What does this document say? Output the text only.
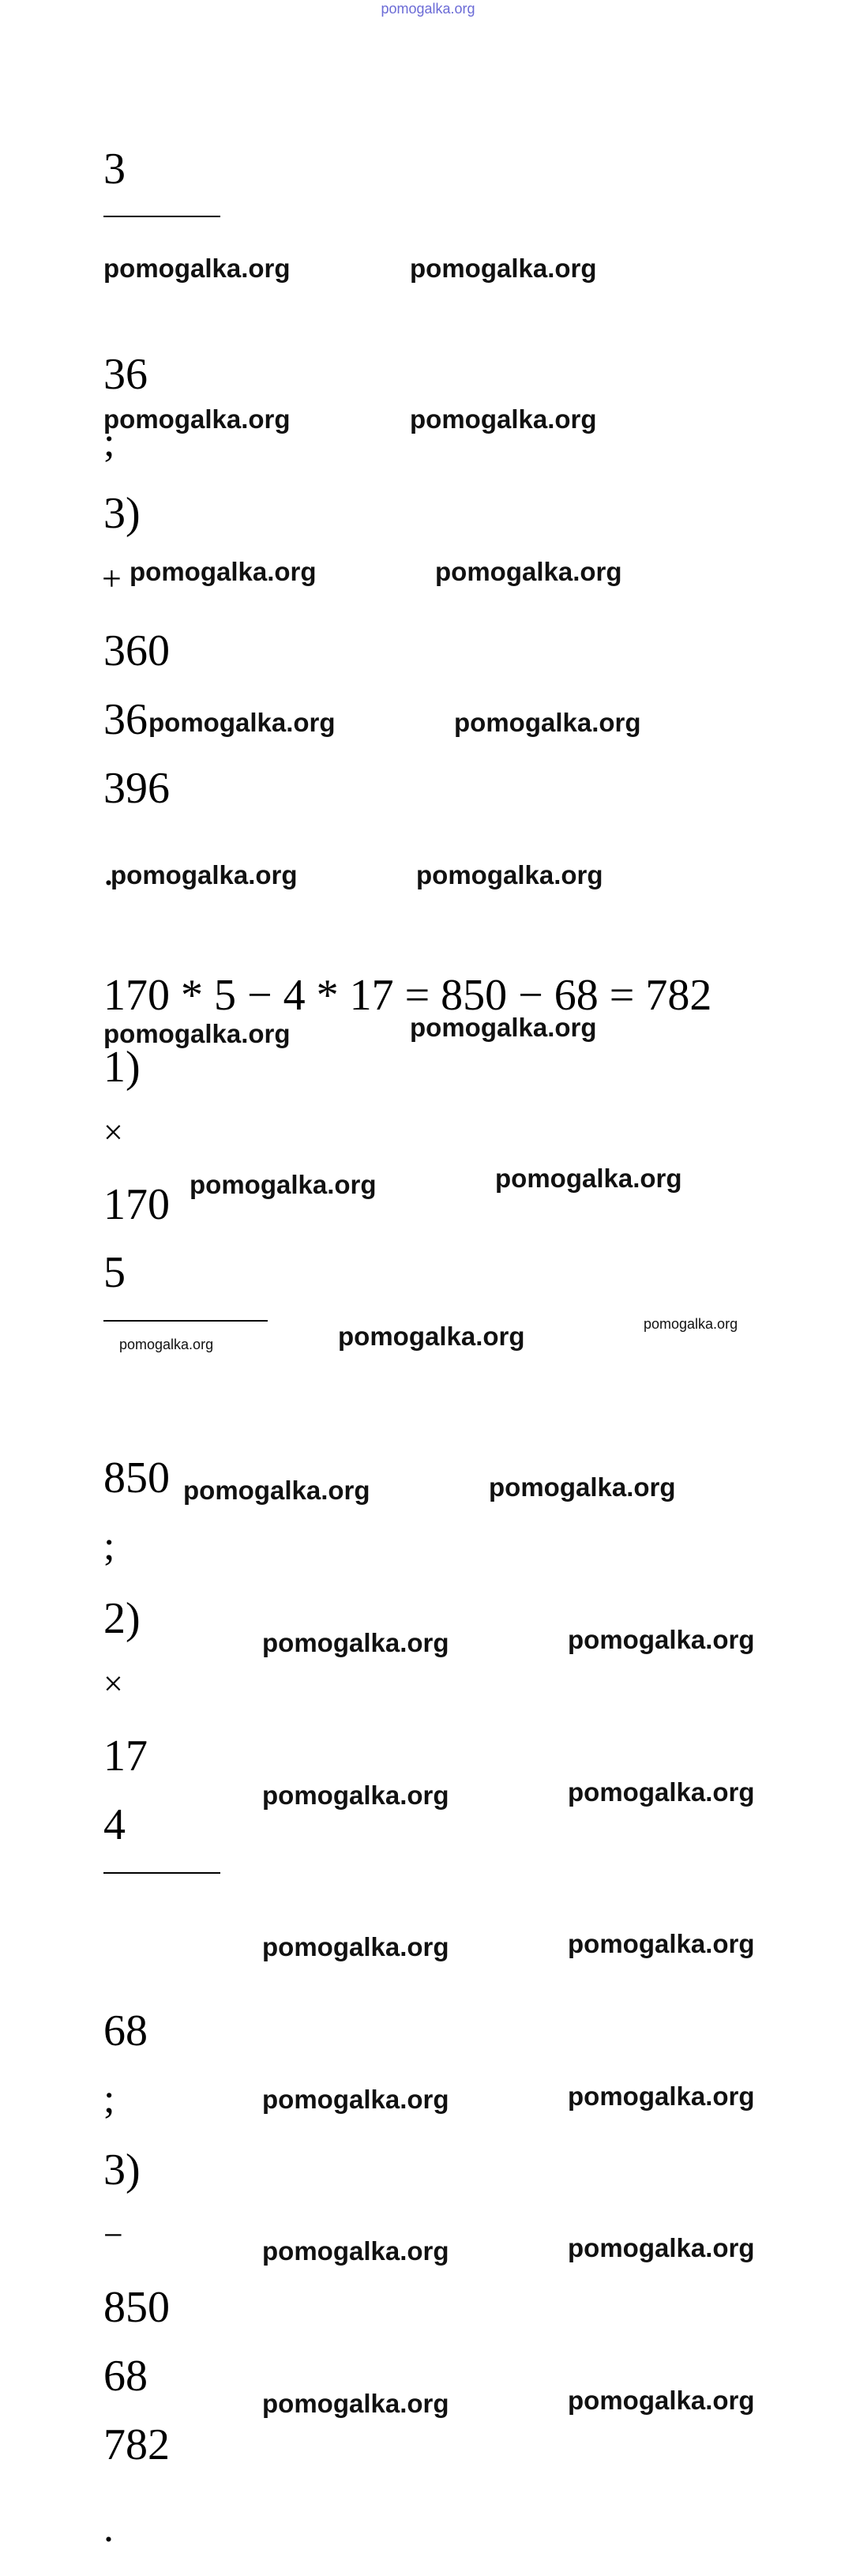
pomogalka.org
3
36
;
3)
+
360
36
396
.
170 * 5 − 4 * 17 = 850 − 68 = 782
1)
×
170
5
850
;
2)
×
17
4
68
;
3)
−
850
68
782
.
pomogalka.org	pomogalka.org
pomogalka.org	pomogalka.org
pomogalka.org	pomogalka.org
pomogalka.org	pomogalka.org
pomogalka.org	pomogalka.org
pomogalka.org	pomogalka.org
pomogalka.org	pomogalka.org
pomogalka.org	pomogalka.org	pomogalka.org
pomogalka.org	pomogalka.org
pomogalka.org	pomogalka.org
pomogalka.org	pomogalka.org
pomogalka.org	pomogalka.org
pomogalka.org	pomogalka.org
pomogalka.org	pomogalka.org
pomogalka.org	pomogalka.org
